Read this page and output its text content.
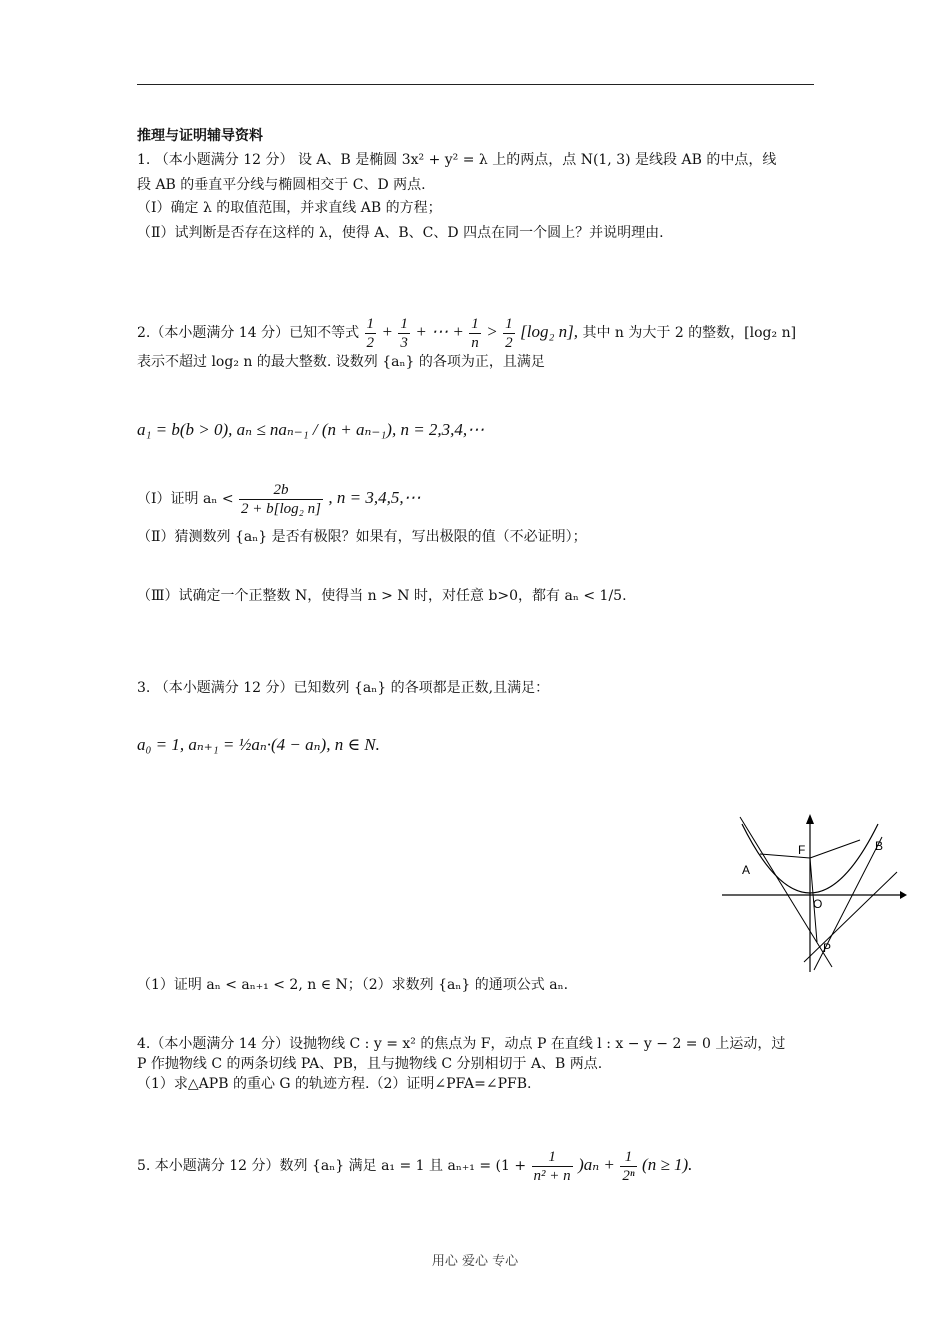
推理与证明辅导资料
1. （本小题满分 12 分） 设 A、B 是椭圆 3x² + y² = λ 上的两点，点 N(1, 3) 是线段 AB 的中点，线
段 AB 的垂直平分线与椭圆相交于 C、D 两点.
（Ⅰ）确定 λ 的取值范围，并求直线 AB 的方程；
（Ⅱ）试判断是否存在这样的 λ，使得 A、B、C、D 四点在同一个圆上？并说明理由.
2.（本小题满分 14 分）已知不等式 $\frac{1}{2} + \frac{1}{3}$ + ⋯ + $\frac{1}{n} > \frac{1}{2} [\log_2$ n], 其中 n 为大于 2 的整数，[log₂ n]
表示不超过 log₂ n 的最大整数. 设数列 {aₙ} 的各项为正，且满足
a₁ = b(b > 0), aₙ ≤ naₙ₋₁ / (n + aₙ₋₁), n = 2,3,4,⋯
（Ⅰ）证明 $a_n < \frac{2b}{\text{2 + b[log₂ n]}}$ , n = 3,4,5,⋯
（Ⅱ）猜测数列 {aₙ} 是否有极限？如果有，写出极限的值（不必证明）；
（Ⅲ）试确定一个正整数 N，使得当 n > N 时，对任意 b>0，都有 aₙ < 1/5.
3. （本小题满分 12 分）已知数列 {aₙ} 的各项都是正数,且满足：
a₀ = 1, aₙ₊₁ = ½aₙ·(4 − aₙ), n ∈ N.
A
B
F
O
P
（1）证明 aₙ < aₙ₊₁ < 2, n ∈ N；（2）求数列 {aₙ} 的通项公式 aₙ.
4.（本小题满分 14 分）设抛物线 C : y = x² 的焦点为 F，动点 P 在直线 l : x − y − 2 = 0 上运动，过
P 作抛物线 C 的两条切线 PA、PB，且与抛物线 C 分别相切于 A、B 两点.
（1）求△APB 的重心 G 的轨迹方程.（2）证明∠PFA=∠PFB.
5. 本小题满分 12 分）数列 {aₙ} 满足 a₁ = 1 且 $a_{n+1} = (1 + \frac{1}{\text{n² + n}} )a_n + \frac{1}{\text{2ⁿ}} (n \ge 1)$.
用心 爱心 专心
